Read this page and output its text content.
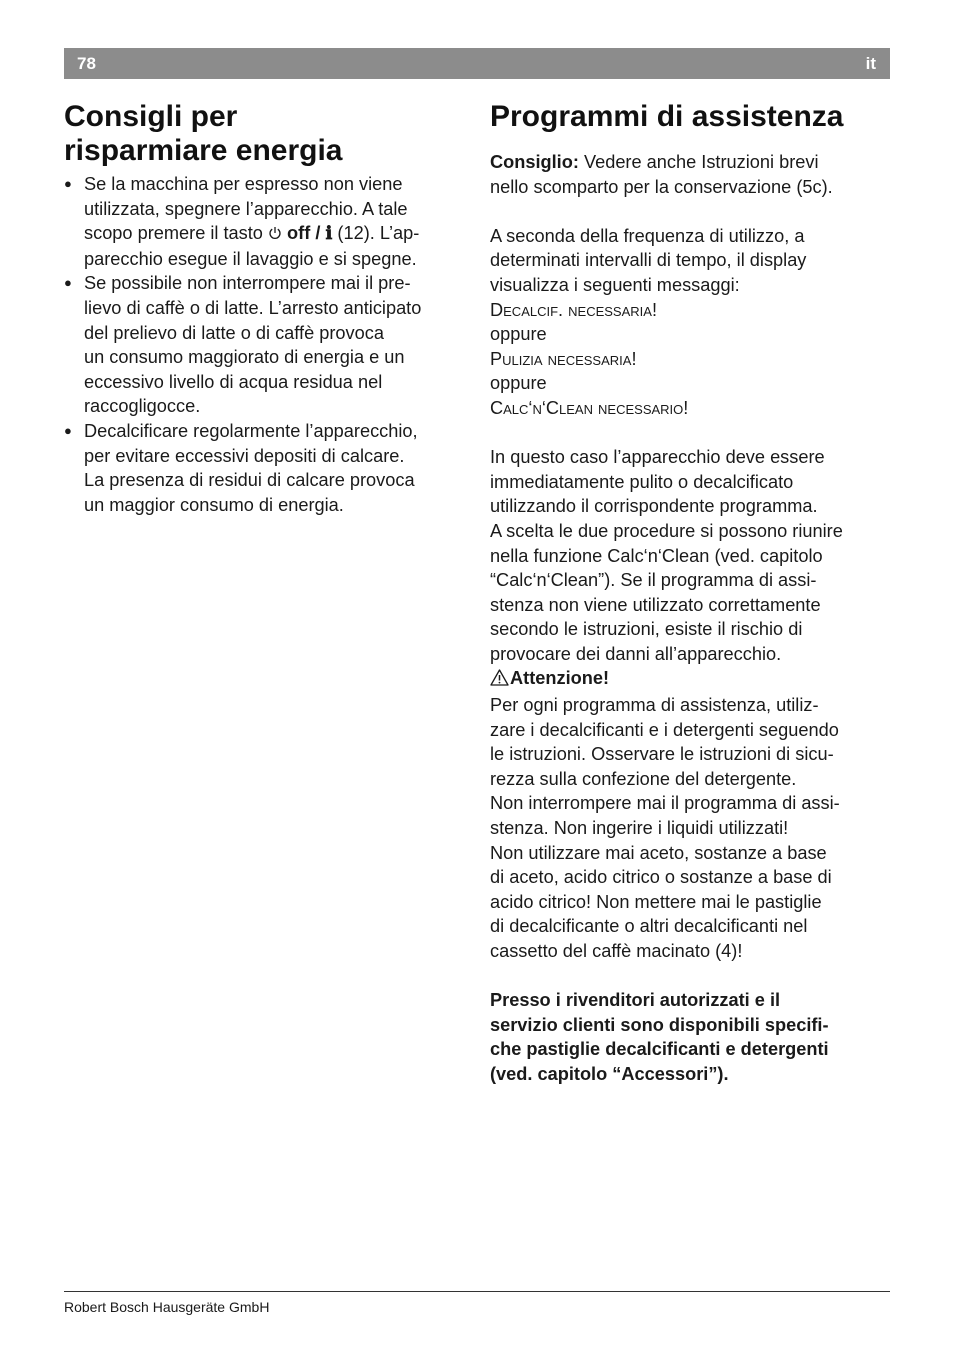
78	it
Consigli per
risparmiare energia
● Se la macchina per espresso non viene
utilizzata, spegnere l’apparecchio. A tale
scopo premere il tasto  off / ℹ (12). L’ap-
parecchio esegue il lavaggio e si spegne.
● Se possibile non interrompere mai il pre-
lievo di caffè o di latte. L’arresto anticipato
del prelievo di latte o di caffè provoca
un consumo maggiorato di energia e un
eccessivo livello di acqua residua nel
raccogligocce.
● Decalcificare regolarmente l’apparecchio,
per evitare eccessivi depositi di calcare.
La presenza di residui di calcare provoca
un maggior consumo di energia.
Programmi di assistenza

Consiglio: Vedere anche Istruzioni brevi
nello scomparto per la conservazione (5c).

A seconda della frequenza di utilizzo, a
determinati intervalli di tempo, il display
visualizza i seguenti messaggi:
Decalcif. necessaria!
oppure
Pulizia necessaria!
oppure
Calc‘n‘Clean necessario!

In questo caso l’apparecchio deve essere
immediatamente pulito o decalcificato
utilizzando il corrispondente programma.
A scelta le due procedure si possono riunire
nella funzione Calc‘n‘Clean (ved. capitolo
“Calc‘n‘Clean”). Se il programma di assi-
stenza non viene utilizzato correttamente
secondo le istruzioni, esiste il rischio di
provocare dei danni all’apparecchio.

Attenzione!

Per ogni programma di assistenza, utiliz-
zare i decalcificanti e i detergenti seguendo
le istruzioni. Osservare le istruzioni di sicu-
rezza sulla confezione del detergente.
Non interrompere mai il programma di assi-
stenza. Non ingerire i liquidi utilizzati!
Non utilizzare mai aceto, sostanze a base
di aceto, acido citrico o sostanze a base di
acido citrico! Non mettere mai le pastiglie
di decalcificante o altri decalcificanti nel
cassetto del caffè macinato (4)!

Presso i rivenditori autorizzati e il
servizio clienti sono disponibili specifi-
che pastiglie decalcificanti e detergenti
(ved. capitolo “Accessori”).

Robert Bosch Hausgeräte GmbH
